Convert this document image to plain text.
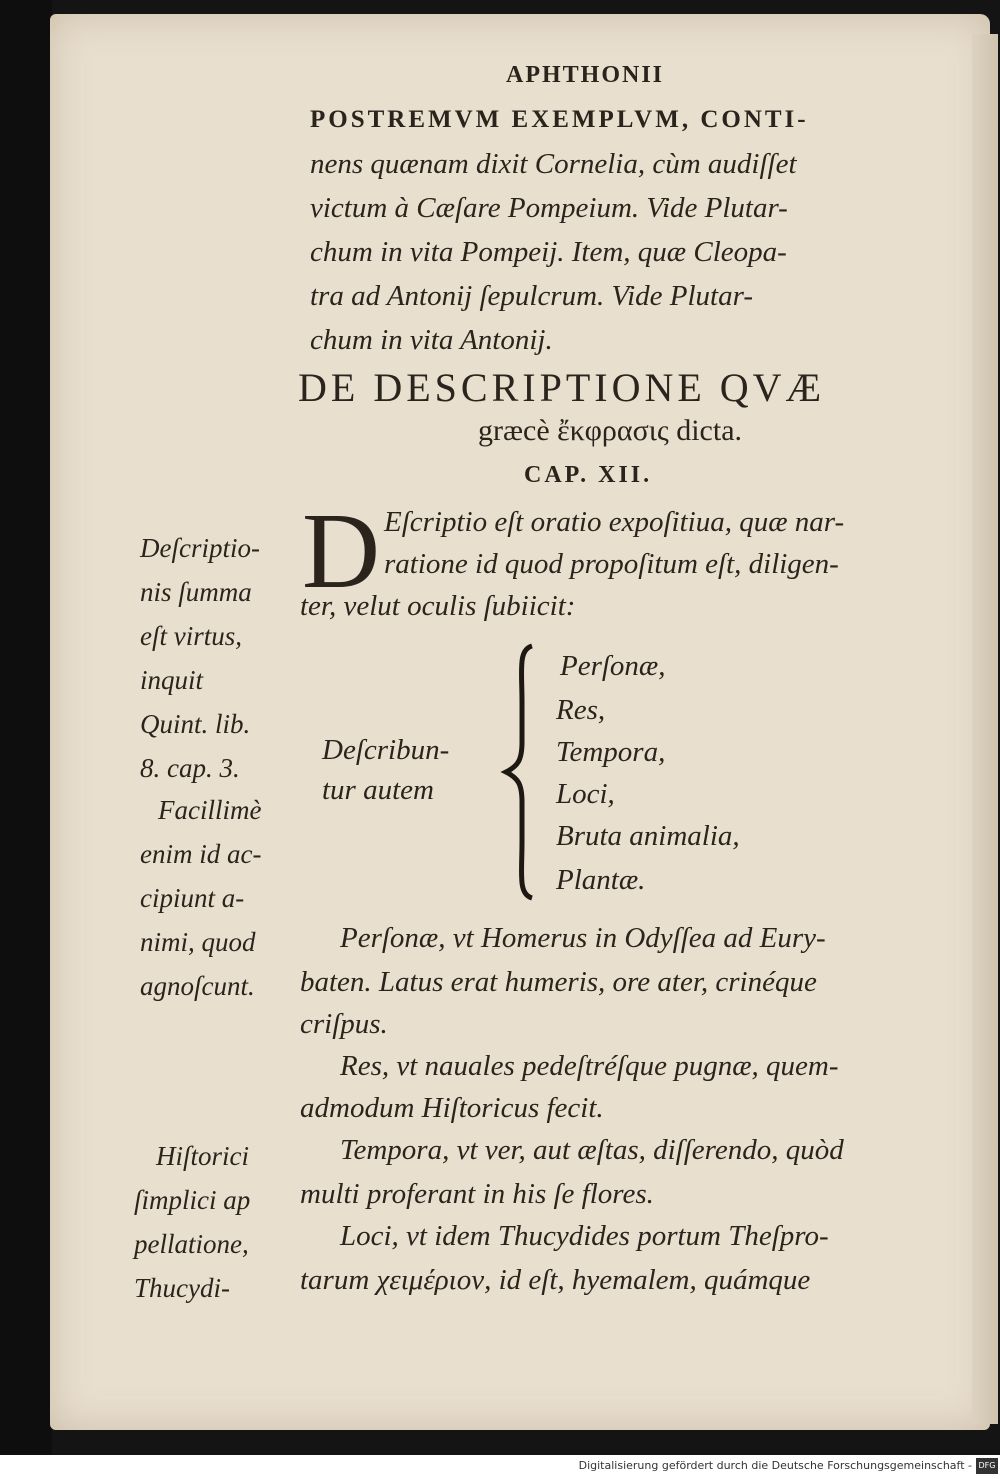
APHTHONII
POSTREMVM EXEMPLVM, CONTI-
nens quænam dixit Cornelia, cùm audiſſet
victum à Cæſare Pompeium. Vide Plutar-
chum in vita Pompeij. Item, quæ Cleopa-
tra ad Antonij ſepulcrum. Vide Plutar-
chum in vita Antonij.
DE DESCRIPTIONE QVÆ
græcè ἔκφρασις dicta.
CAP. XII.
D Eſcriptio eſt oratio expoſitiua, quæ nar-
ratione id quod propoſitum eſt, diligen-
ter, velut oculis ſubiicit:
Deſcribun-
tur autem
Perſonæ,
Res,
Tempora,
Loci,
Bruta animalia,
Plantæ.
Perſonæ, vt Homerus in Odyſſea ad Eury-
baten. Latus erat humeris, ore ater, crinéque
criſpus.
Res, vt nauales pedeſtréſque pugnæ, quem-
admodum Hiſtoricus fecit.
Tempora, vt ver, aut æſtas, diſſerendo, quòd
multi proferant in his ſe flores.
Loci, vt idem Thucydides portum Theſpro-
tarum χειμέριον, id eſt, hyemalem, quámque
Deſcriptio-
nis ſumma
eſt virtus,
inquit
Quint. lib.
8. cap. 3.
Facillimè
enim id ac-
cipiunt a-
nimi, quod
agnoſcunt.
Hiſtorici
ſimplici ap
pellatione,
Thucydi-
Digitalisierung gefördert durch die Deutsche Forschungsgemeinschaft - DFG
